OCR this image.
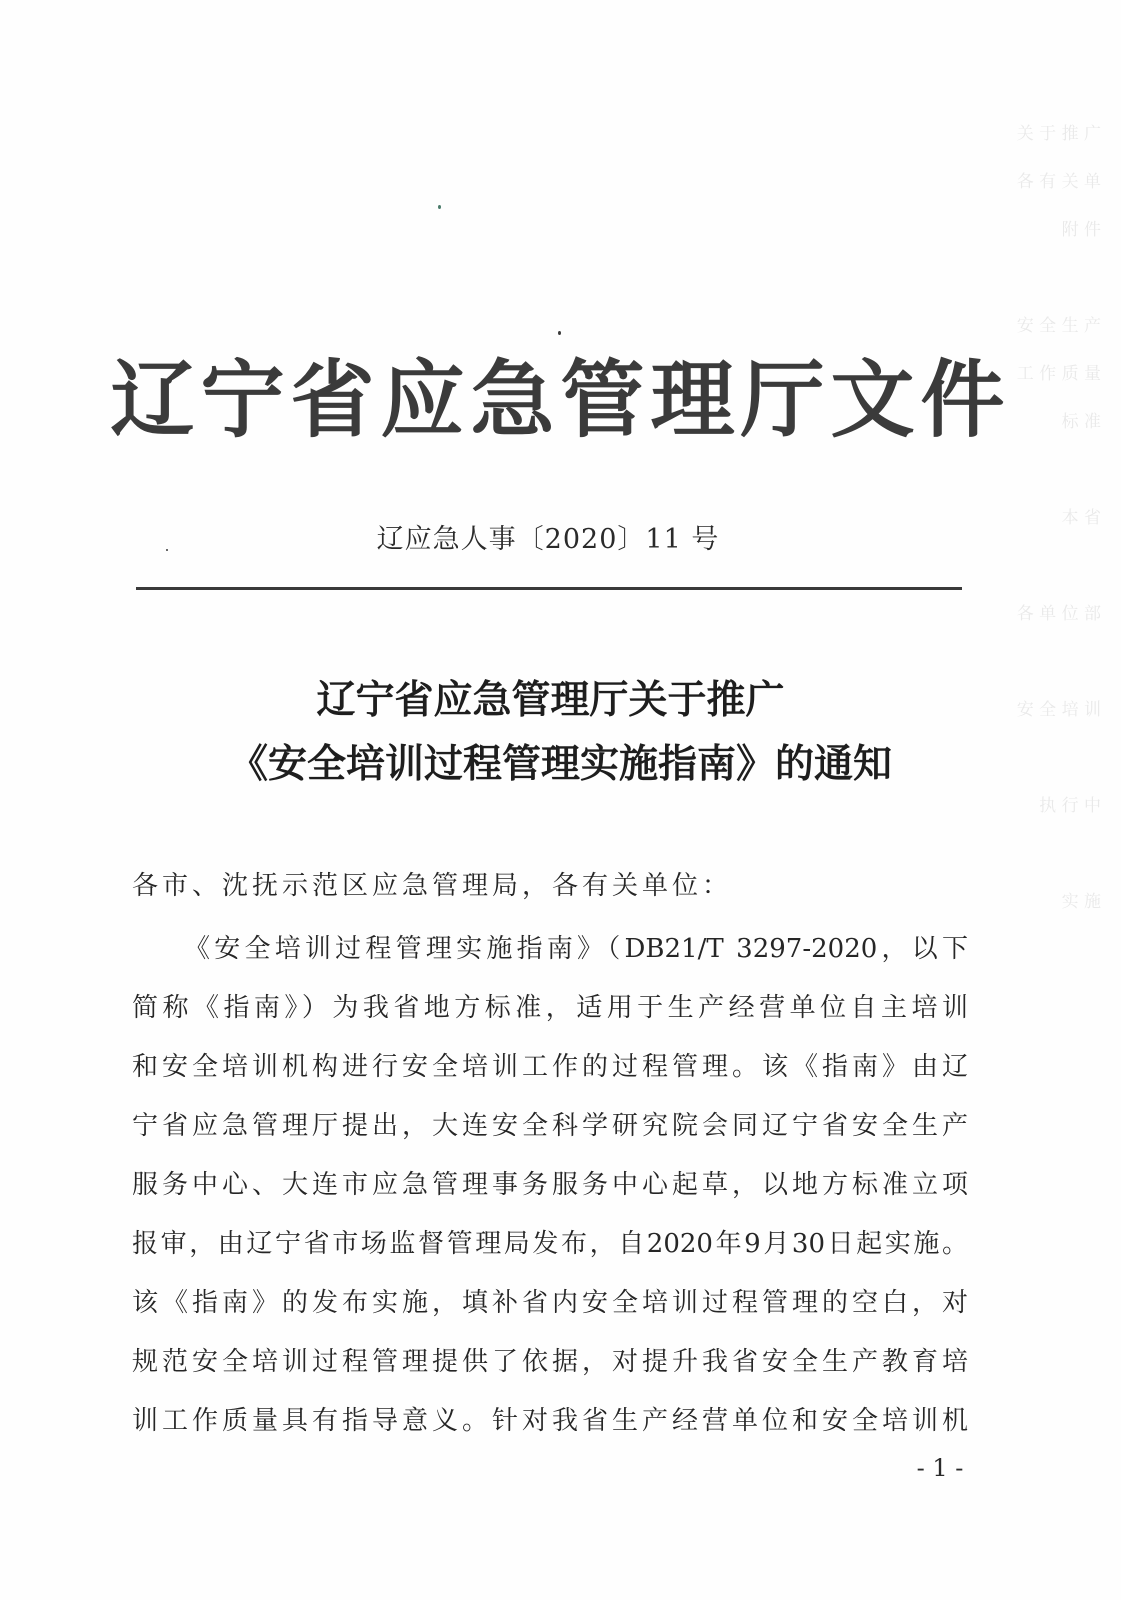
关 于 推 广
各 有 关 单
附 件

安 全 生 产
工 作 质 量
标 准

本 省

各 单 位 部

安 全 培 训

执 行 中

实 施
辽宁省应急管理厅文件
辽应急人事〔2020〕11 号
辽宁省应急管理厅关于推广
《安全培训过程管理实施指南》的通知
各市、沈抚示范区应急管理局，各有关单位：
《安全培训过程管理实施指南》（DB21/T 3297-2020，以下
简称《指南》）为我省地方标准，适用于生产经营单位自主培训
和安全培训机构进行安全培训工作的过程管理。该《指南》由辽
宁省应急管理厅提出，大连安全科学研究院会同辽宁省安全生产
服务中心、大连市应急管理事务服务中心起草，以地方标准立项
报审，由辽宁省市场监督管理局发布，自2020年9月30日起实施。
该《指南》的发布实施，填补省内安全培训过程管理的空白，对
规范安全培训过程管理提供了依据，对提升我省安全生产教育培
训工作质量具有指导意义。针对我省生产经营单位和安全培训机
- 1 -
